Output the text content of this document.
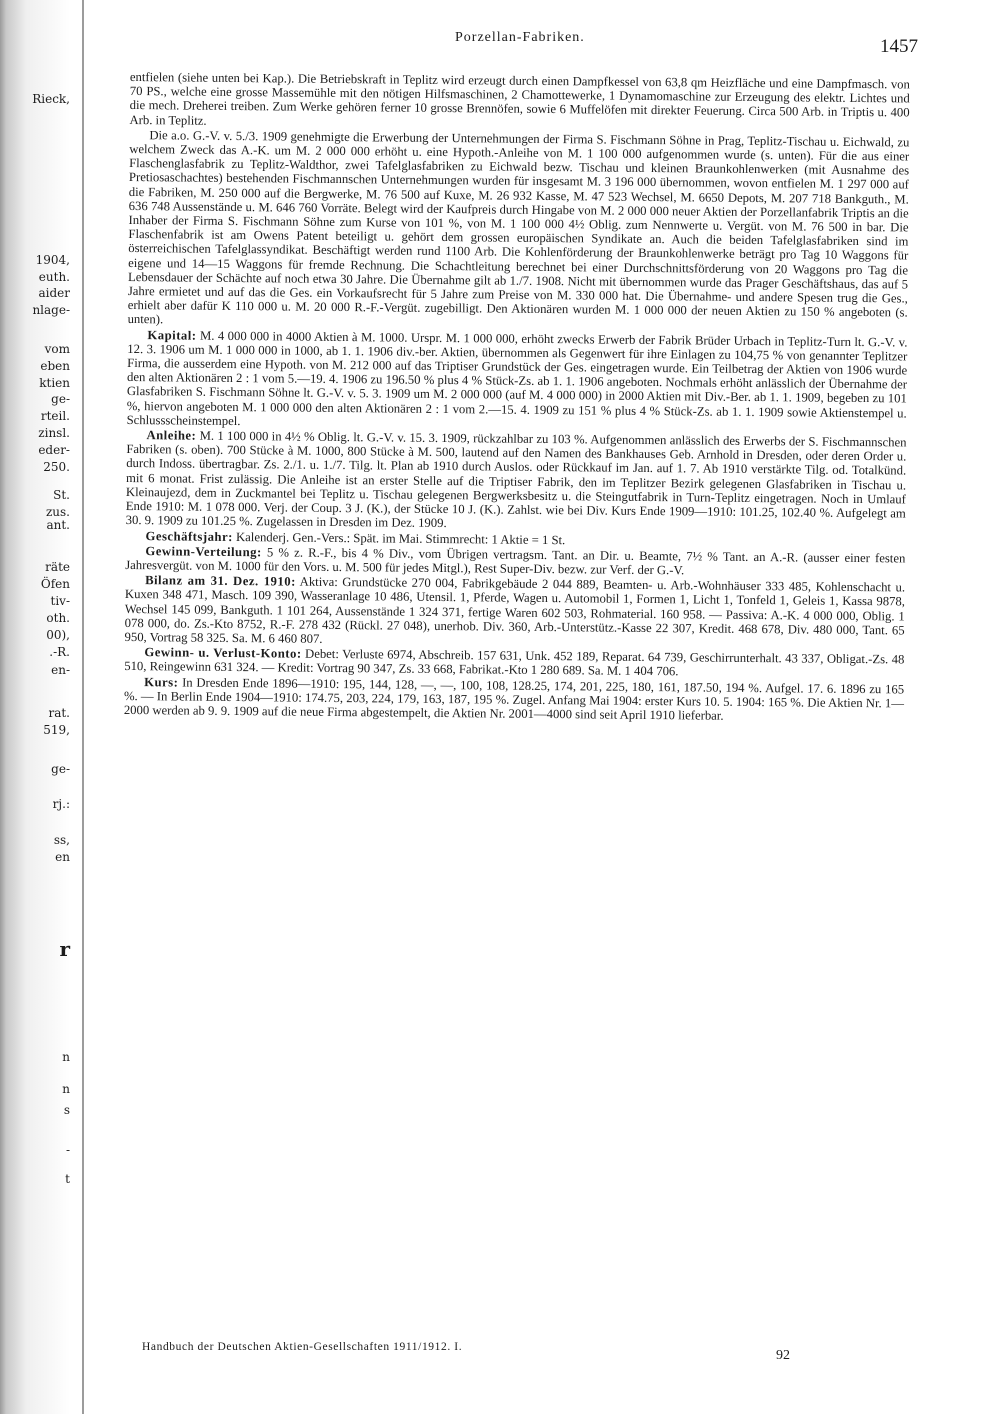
Rieck,
1904,
euth.
aider
nlage-
vom
eben
ktien
ge-
rteil.
zinsl.
eder-
250.
St.
zus.
ant.
räte
Öfen
tiv-
oth.
00),
.-R.
en-
rat.
519,
ge-
rj.:
ss,
en
r
n
n
s
-
t
Porzellan-Fabriken.	1457

entfielen (siehe unten bei Kap.). Die Betriebskraft in Teplitz wird erzeugt durch einen Dampfkessel von 63,8 qm Heizfläche und eine Dampfmasch. von 70 PS., welche eine grosse Massemühle mit den nötigen Hilfsmaschinen, 2 Chamottewerke, 1 Dynamomaschine zur Erzeugung des elektr. Lichtes und die mech. Dreherei treiben. Zum Werke gehören ferner 10 grosse Brennöfen, sowie 6 Muffelöfen mit direkter Feuerung. Circa 500 Arb. in Triptis u. 400 Arb. in Teplitz.

Die a.o. G.-V. v. 5./3. 1909 genehmigte die Erwerbung der Unternehmungen der Firma S. Fischmann Söhne in Prag, Teplitz-Tischau u. Eichwald, zu welchem Zweck das A.-K. um M. 2 000 000 erhöht u. eine Hypoth.-Anleihe von M. 1 100 000 aufgenommen wurde (s. unten). Für die aus einer Flaschenglasfabrik zu Teplitz-Waldthor, zwei Tafelglasfabriken zu Eichwald bezw. Tischau und kleinen Braunkohlenwerken (mit Ausnahme des Pretiosaschachtes) bestehenden Fischmannschen Unternehmungen wurden für insgesamt M. 3 196 000 übernommen, wovon entfielen M. 1 297 000 auf die Fabriken, M. 250 000 auf die Bergwerke, M. 76 500 auf Kuxe, M. 26 932 Kasse, M. 47 523 Wechsel, M. 6650 Depots, M. 207 718 Bankguth., M. 636 748 Aussenstände u. M. 646 760 Vorräte. Belegt wird der Kaufpreis durch Hingabe von M. 2 000 000 neuer Aktien der Porzellanfabrik Triptis an die Inhaber der Firma S. Fischmann Söhne zum Kurse von 101 %, von M. 1 100 000 4½ Oblig. zum Nennwerte u. Vergüt. von M. 76 500 in bar. Die Flaschenfabrik ist am Owens Patent beteiligt u. gehört dem grossen europäischen Syndikate an. Auch die beiden Tafelglasfabriken sind im österreichischen Tafelglassyndikat. Beschäftigt werden rund 1100 Arb. Die Kohlenförderung der Braunkohlenwerke beträgt pro Tag 10 Waggons für eigene und 14—15 Waggons für fremde Rechnung. Die Schachtleitung berechnet bei einer Durchschnittsförderung von 20 Waggons pro Tag die Lebensdauer der Schächte auf noch etwa 30 Jahre. Die Übernahme gilt ab 1./7. 1908. Nicht mit übernommen wurde das Prager Geschäftshaus, das auf 5 Jahre ermietet und auf das die Ges. ein Vorkaufsrecht für 5 Jahre zum Preise von M. 330 000 hat. Die Übernahme- und andere Spesen trug die Ges., erhielt aber dafür K 110 000 u. M. 20 000 R.-F.-Vergüt. zugebilligt. Den Aktionären wurden M. 1 000 000 der neuen Aktien zu 150 % angeboten (s. unten).

Kapital: M. 4 000 000 in 4000 Aktien à M. 1000. Urspr. M. 1 000 000, erhöht zwecks Erwerb der Fabrik Brüder Urbach in Teplitz-Turn lt. G.-V. v. 12. 3. 1906 um M. 1 000 000 in 1000, ab 1. 1. 1906 div.-ber. Aktien, übernommen als Gegenwert für ihre Einlagen zu 104,75 % von genannter Teplitzer Firma, die ausserdem eine Hypoth. von M. 212 000 auf das Triptiser Grundstück der Ges. eingetragen wurde. Ein Teilbetrag der Aktien von 1906 wurde den alten Aktionären 2 : 1 vom 5.—19. 4. 1906 zu 196.50 % plus 4 % Stück-Zs. ab 1. 1. 1906 angeboten. Nochmals erhöht anlässlich der Übernahme der Glasfabriken S. Fischmann Söhne lt. G.-V. v. 5. 3. 1909 um M. 2 000 000 (auf M. 4 000 000) in 2000 Aktien mit Div.-Ber. ab 1. 1. 1909, begeben zu 101 %, hiervon angeboten M. 1 000 000 den alten Aktionären 2 : 1 vom 2.—15. 4. 1909 zu 151 % plus 4 % Stück-Zs. ab 1. 1. 1909 sowie Aktienstempel u. Schlussscheinstempel.

Anleihe: M. 1 100 000 in 4½ % Oblig. lt. G.-V. v. 15. 3. 1909, rückzahlbar zu 103 %. Aufgenommen anlässlich des Erwerbs der S. Fischmannschen Fabriken (s. oben). 700 Stücke à M. 1000, 800 Stücke à M. 500, lautend auf den Namen des Bankhauses Geb. Arnhold in Dresden, oder deren Order u. durch Indoss. übertragbar. Zs. 2./1. u. 1./7. Tilg. lt. Plan ab 1910 durch Auslos. oder Rückkauf im Jan. auf 1. 7. Ab 1910 verstärkte Tilg. od. Totalkünd. mit 6 monat. Frist zulässig. Die Anleihe ist an erster Stelle auf die Triptiser Fabrik, den im Teplitzer Bezirk gelegenen Glasfabriken in Tischau u. Kleinaujezd, dem in Zuckmantel bei Teplitz u. Tischau gelegenen Bergwerksbesitz u. die Steingutfabrik in Turn-Teplitz eingetragen. Noch in Umlauf Ende 1910: M. 1 078 000. Verj. der Coup. 3 J. (K.), der Stücke 10 J. (K.). Zahlst. wie bei Div. Kurs Ende 1909—1910: 101.25, 102.40 %. Aufgelegt am 30. 9. 1909 zu 101.25 %. Zugelassen in Dresden im Dez. 1909.

Geschäftsjahr: Kalenderj. Gen.-Vers.: Spät. im Mai. Stimmrecht: 1 Aktie = 1 St.

Gewinn-Verteilung: 5 % z. R.-F., bis 4 % Div., vom Übrigen vertragsm. Tant. an Dir. u. Beamte, 7½ % Tant. an A.-R. (ausser einer festen Jahresvergüt. von M. 1000 für den Vors. u. M. 500 für jedes Mitgl.), Rest Super-Div. bezw. zur Verf. der G.-V.

Bilanz am 31. Dez. 1910: Aktiva: Grundstücke 270 004, Fabrikgebäude 2 044 889, Beamten- u. Arb.-Wohnhäuser 333 485, Kohlenschacht u. Kuxen 348 471, Masch. 109 390, Wasseranlage 10 486, Utensil. 1, Pferde, Wagen u. Automobil 1, Formen 1, Licht 1, Tonfeld 1, Geleis 1, Kassa 9878, Wechsel 145 099, Bankguth. 1 101 264, Aussenstände 1 324 371, fertige Waren 602 503, Rohmaterial. 160 958. — Passiva: A.-K. 4 000 000, Oblig. 1 078 000, do. Zs.-Kto 8752, R.-F. 278 432 (Rückl. 27 048), unerhob. Div. 360, Arb.-Unterstütz.-Kasse 22 307, Kredit. 468 678, Div. 480 000, Tant. 65 950, Vortrag 58 325. Sa. M. 6 460 807.

Gewinn- u. Verlust-Konto: Debet: Verluste 6974, Abschreib. 157 631, Unk. 452 189, Reparat. 64 739, Geschirrunterhalt. 43 337, Obligat.-Zs. 48 510, Reingewinn 631 324. — Kredit: Vortrag 90 347, Zs. 33 668, Fabrikat.-Kto 1 280 689. Sa. M. 1 404 706.

Kurs: In Dresden Ende 1896—1910: 195, 144, 128, —, —, 100, 108, 128.25, 174, 201, 225, 180, 161, 187.50, 194 %. Aufgel. 17. 6. 1896 zu 165 %. — In Berlin Ende 1904—1910: 174.75, 203, 224, 179, 163, 187, 195 %. Zugel. Anfang Mai 1904: erster Kurs 10. 5. 1904: 165 %. Die Aktien Nr. 1—2000 werden ab 9. 9. 1909 auf die neue Firma abgestempelt, die Aktien Nr. 2001—4000 sind seit April 1910 lieferbar.

Handbuch der Deutschen Aktien-Gesellschaften 1911/1912. I.
92
